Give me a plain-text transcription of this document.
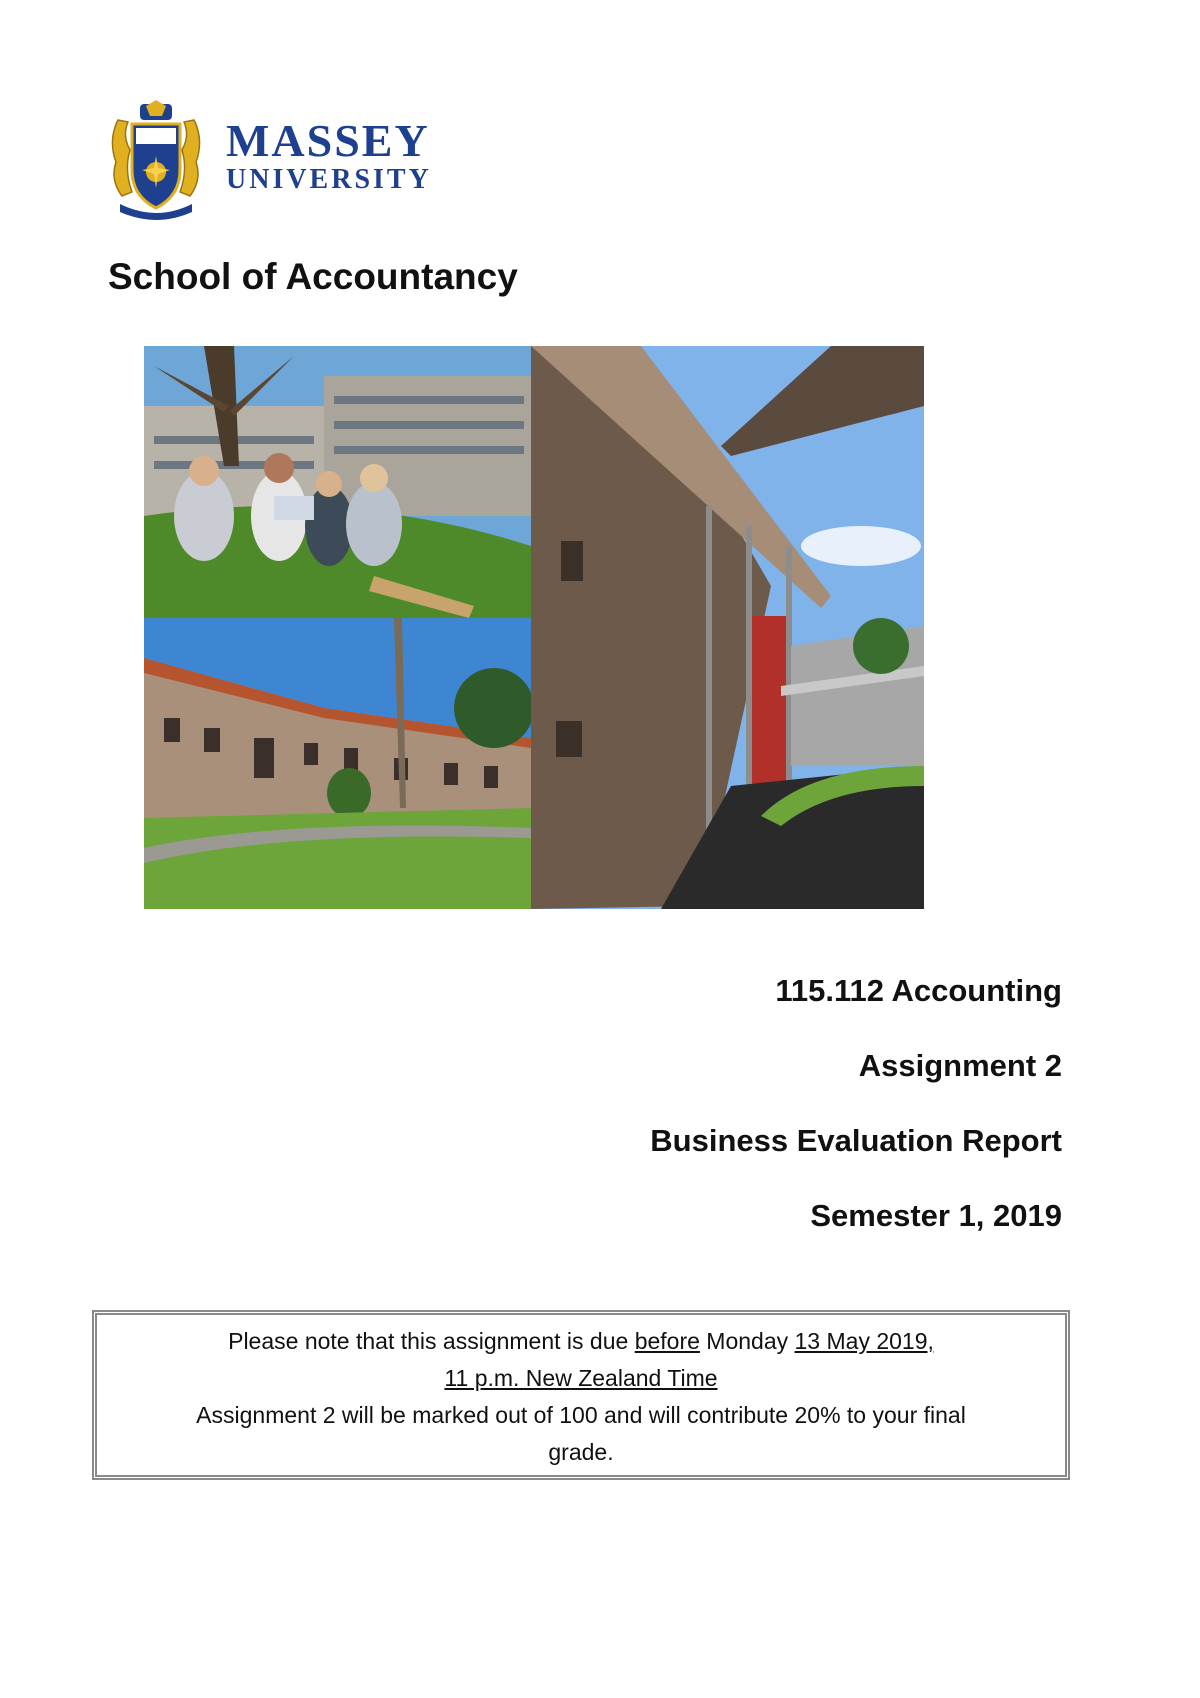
MASSEY
UNIVERSITY
School of Accountancy
115.112 Accounting
Assignment 2
Business Evaluation Report
Semester 1, 2019

Please note that this assignment is due before Monday 13 May 2019,

11 p.m. New Zealand Time

Assignment 2 will be marked out of 100 and will contribute 20% to your final

grade.
